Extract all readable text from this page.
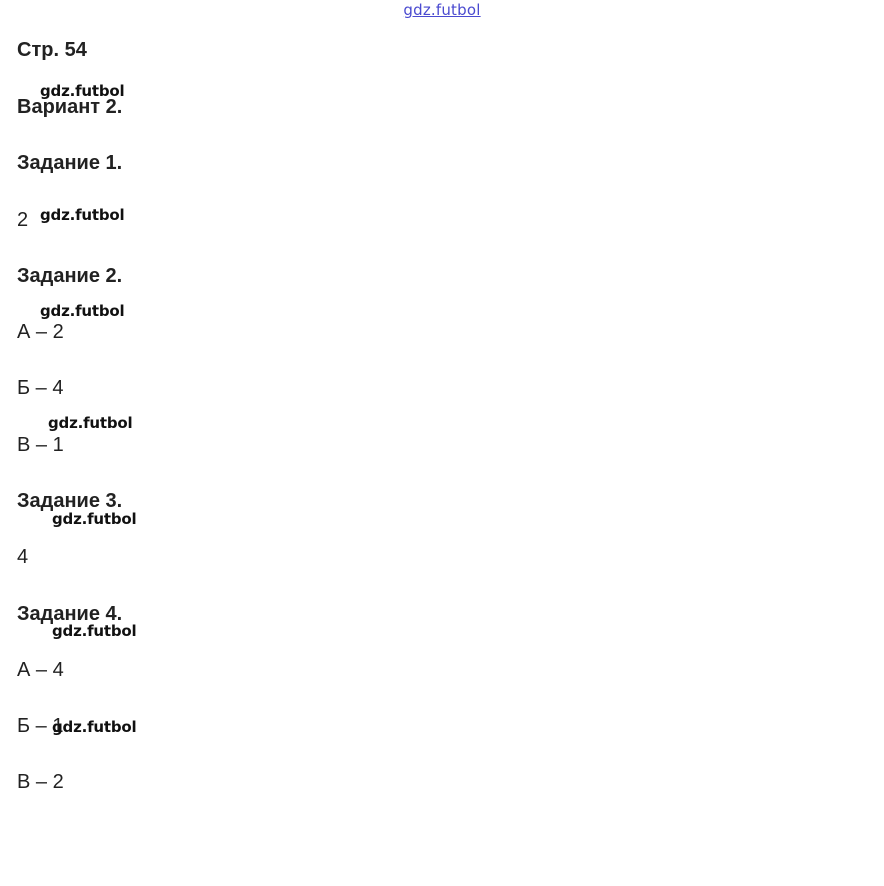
gdz.futbol
Стр. 54
Вариант 2.
Задание 1.
2
Задание 2.
А – 2
Б – 4
В – 1
Задание 3.
4
Задание 4.
А – 4
Б – 1
В – 2
gdz.futbol
gdz.futbol
gdz.futbol
gdz.futbol
gdz.futbol
gdz.futbol
gdz.futbol
